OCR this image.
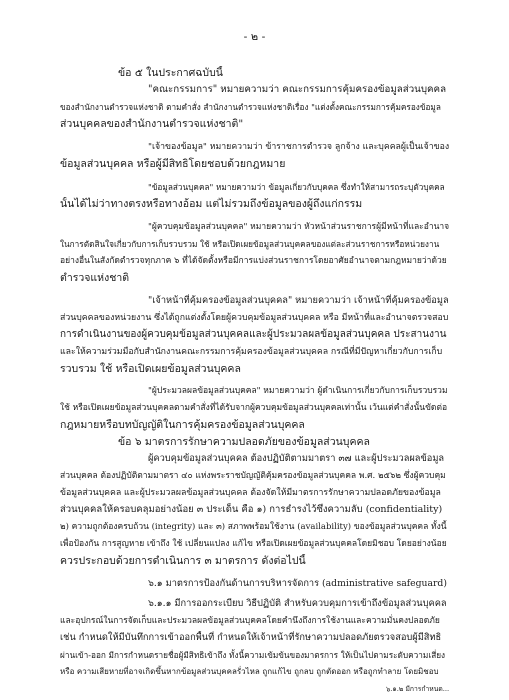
- ๒ -
ข้อ ๕ ในประกาศฉบับนี้
"คณะกรรมการ" หมายความว่า คณะกรรมการคุ้มครองข้อมูลส่วนบุคคล
ของสำนักงานตำรวจแห่งชาติ ตามคำสั่ง สำนักงานตำรวจแห่งชาติเรื่อง "แต่งตั้งคณะกรรมการคุ้มครองข้อมูล
ส่วนบุคคลของสำนักงานตำรวจแห่งชาติ"
"เจ้าของข้อมูล" หมายความว่า ข้าราชการตำรวจ ลูกจ้าง และบุคคลผู้เป็นเจ้าของ
ข้อมูลส่วนบุคคล หรือผู้มีสิทธิโดยชอบด้วยกฎหมาย
"ข้อมูลส่วนบุคคล" หมายความว่า ข้อมูลเกี่ยวกับบุคคล ซึ่งทำให้สามารถระบุตัวบุคคล
นั้นได้ไม่ว่าทางตรงหรือทางอ้อม แต่ไม่รวมถึงข้อมูลของผู้ถึงแก่กรรม
"ผู้ควบคุมข้อมูลส่วนบุคคล" หมายความว่า หัวหน้าส่วนราชการผู้มีหน้าที่และอำนาจ
ในการตัดสินใจเกี่ยวกับการเก็บรวบรวม ใช้ หรือเปิดเผยข้อมูลส่วนบุคคลของแต่ละส่วนราชการหรือหน่วยงาน
อย่างอื่นในสังกัดตำรวจทุกภาค ๖ ที่ได้จัดตั้งหรือมีการแบ่งส่วนราชการโดยอาศัยอำนาจตามกฎหมายว่าด้วย
ตำรวจแห่งชาติ
"เจ้าหน้าที่คุ้มครองข้อมูลส่วนบุคคล" หมายความว่า เจ้าหน้าที่คุ้มครองข้อมูล
ส่วนบุคคลของหน่วยงาน ซึ่งได้ถูกแต่งตั้งโดยผู้ควบคุมข้อมูลส่วนบุคคล หรือ มีหน้าที่และอำนาจตรวจสอบ
การดำเนินงานของผู้ควบคุมข้อมูลส่วนบุคคลและผู้ประมวลผลข้อมูลส่วนบุคคล ประสานงาน
และให้ความร่วมมือกับสำนักงานคณะกรรมการคุ้มครองข้อมูลส่วนบุคคล กรณีที่มีปัญหาเกี่ยวกับการเก็บ
รวบรวม ใช้ หรือเปิดเผยข้อมูลส่วนบุคคล
"ผู้ประมวลผลข้อมูลส่วนบุคคล" หมายความว่า ผู้ดำเนินการเกี่ยวกับการเก็บรวบรวม
ใช้ หรือเปิดเผยข้อมูลส่วนบุคคลตามคำสั่งที่ได้รับจากผู้ควบคุมข้อมูลส่วนบุคคลเท่านั้น เว้นแต่คำสั่งนั้นขัดต่อ
กฎหมายหรือบทบัญญัติในการคุ้มครองข้อมูลส่วนบุคคล
ข้อ ๖ มาตรการรักษาความปลอดภัยของข้อมูลส่วนบุคคล
ผู้ควบคุมข้อมูลส่วนบุคคล ต้องปฏิบัติตามมาตรา ๓๗ และผู้ประมวลผลข้อมูล
ส่วนบุคคล ต้องปฏิบัติตามมาตรา ๔๐ แห่งพระราชบัญญัติคุ้มครองข้อมูลส่วนบุคคล พ.ศ. ๒๕๖๒ ซึ่งผู้ควบคุม
ข้อมูลส่วนบุคคล และผู้ประมวลผลข้อมูลส่วนบุคคล ต้องจัดให้มีมาตรการรักษาความปลอดภัยของข้อมูล
ส่วนบุคคลให้ครอบคลุมอย่างน้อย ๓ ประเด็น คือ ๑) การธำรงไว้ซึ่งความลับ (confidentiality)
๒) ความถูกต้องครบถ้วน (integrity) และ ๓) สภาพพร้อมใช้งาน (availability) ของข้อมูลส่วนบุคคล ทั้งนี้
เพื่อป้องกัน การสูญหาย เข้าถึง ใช้ เปลี่ยนแปลง แก้ไข หรือเปิดเผยข้อมูลส่วนบุคคลโดยมิชอบ โดยอย่างน้อย
ควรประกอบด้วยการดำเนินการ ๓ มาตรการ ดังต่อไปนี้
๖.๑ มาตรการป้องกันด้านการบริหารจัดการ (administrative safeguard)
๖.๑.๑ มีการออกระเบียบ วิธีปฏิบัติ สำหรับควบคุมการเข้าถึงข้อมูลส่วนบุคคล
และอุปกรณ์ในการจัดเก็บและประมวลผลข้อมูลส่วนบุคคลโดยคำนึงถึงการใช้งานและความมั่นคงปลอดภัย
เช่น กำหนดให้มีบันทึกการเข้าออกพื้นที่ กำหนดให้เจ้าหน้าที่รักษาความปลอดภัยตรวจสอบผู้มีสิทธิ
ผ่านเข้า-ออก มีการกำหนดรายชื่อผู้มีสิทธิเข้าถึง ทั้งนี้ความเข้มข้นของมาตรการ ให้เป็นไปตามระดับความเสี่ยง
หรือ ความเสียหายที่อาจเกิดขึ้นหากข้อมูลส่วนบุคคลรั่วไหล ถูกแก้ไข ถูกลบ ถูกตัดออก หรือถูกทำลาย โดยมิชอบ
๖.๑.๒ มีการกำหนด...
